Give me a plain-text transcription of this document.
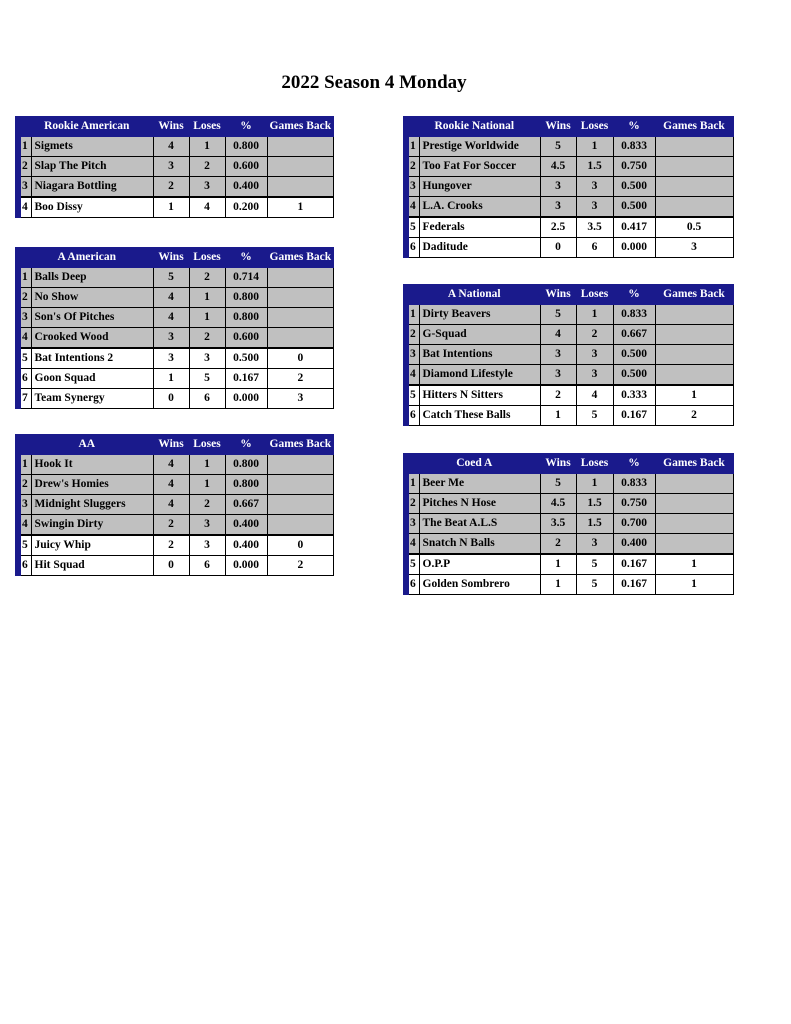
2022 Season 4 Monday
Rookie American		Wins	Loses	%	Games Back
1	Sigmets	4	1	0.800	
2	Slap The Pitch	3	2	0.600	
3	Niagara Bottling	2	3	0.400	
4	Boo Dissy	1	4	0.200	1
Rookie National		Wins	Loses	%	Games Back
1	Prestige Worldwide	5	1	0.833	
2	Too Fat For Soccer	4.5	1.5	0.750	
3	Hungover	3	3	0.500	
4	L.A. Crooks	3	3	0.500	
5	Federals	2.5	3.5	0.417	0.5
6	Daditude	0	6	0.000	3
A American		Wins	Loses	%	Games Back
1	Balls Deep	5	2	0.714	
2	No Show	4	1	0.800	
3	Son's Of Pitches	4	1	0.800	
4	Crooked Wood	3	2	0.600	
5	Bat Intentions 2	3	3	0.500	0
6	Goon Squad	1	5	0.167	2
7	Team Synergy	0	6	0.000	3
A National		Wins	Loses	%	Games Back
1	Dirty Beavers	5	1	0.833	
2	G-Squad	4	2	0.667	
3	Bat Intentions	3	3	0.500	
4	Diamond Lifestyle	3	3	0.500	
5	Hitters N Sitters	2	4	0.333	1
6	Catch These Balls	1	5	0.167	2
AA		Wins	Loses	%	Games Back
1	Hook It	4	1	0.800	
2	Drew's Homies	4	1	0.800	
3	Midnight Sluggers	4	2	0.667	
4	Swingin Dirty	2	3	0.400	
5	Juicy Whip	2	3	0.400	0
6	Hit Squad	0	6	0.000	2
Coed A		Wins	Loses	%	Games Back
1	Beer Me	5	1	0.833	
2	Pitches N Hose	4.5	1.5	0.750	
3	The Beat A.L.S	3.5	1.5	0.700	
4	Snatch N Balls	2	3	0.400	
5	O.P.P	1	5	0.167	1
6	Golden Sombrero	1	5	0.167	1
